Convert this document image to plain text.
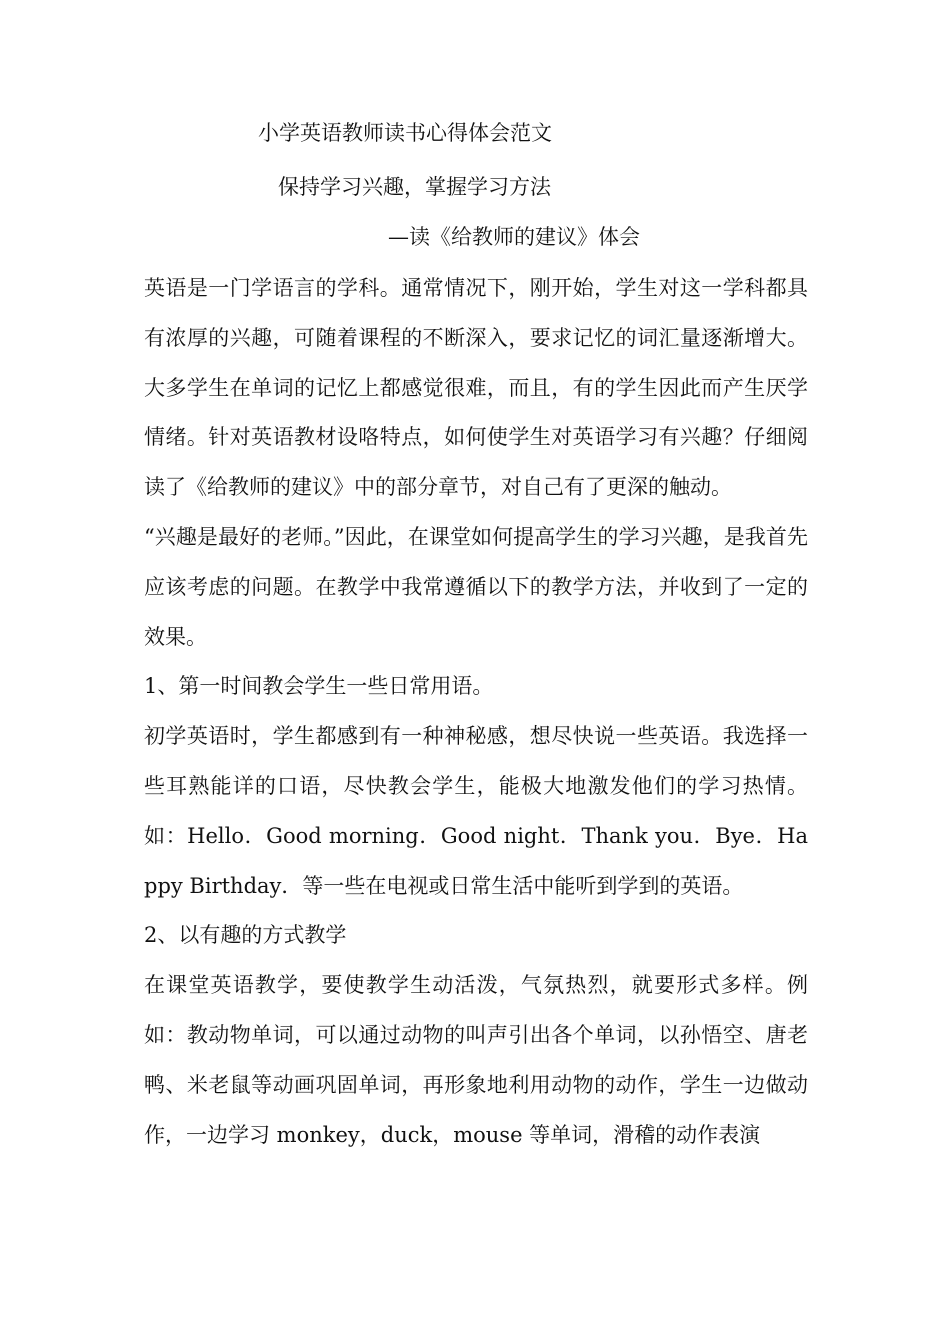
小学英语教师读书心得体会范文
保持学习兴趣，掌握学习方法
—读《给教师的建议》体会

英语是一门学语言的学科。通常情况下，刚开始，学生对这一学科都具有浓厚的兴趣，可随着课程的不断深入，要求记忆的词汇量逐渐增大。大多学生在单词的记忆上都感觉很难，而且，有的学生因此而产生厌学情绪。针对英语教材设咯特点，如何使学生对英语学习有兴趣？仔细阅读了《给教师的建议》中的部分章节，对自己有了更深的触动。

“兴趣是最好的老师。”因此，在课堂如何提高学生的学习兴趣，是我首先应该考虑的问题。在教学中我常遵循以下的教学方法，并收到了一定的效果。

1、第一时间教会学生一些日常用语。

初学英语时，学生都感到有一种神秘感，想尽快说一些英语。我选择一些耳熟能详的口语，尽快教会学生，能极大地激发他们的学习热情。如：Hello．Good morning．Good night．Thank you．Bye．Happy Birthday．等一些在电视或日常生活中能听到学到的英语。

2、以有趣的方式教学

在课堂英语教学，要使教学生动活泼，气氛热烈，就要形式多样。例如：教动物单词，可以通过动物的叫声引出各个单词，以孙悟空、唐老鸭、米老鼠等动画巩固单词，再形象地利用动物的动作，学生一边做动作，一边学习 monkey，duck，mouse 等单词，滑稽的动作表演
